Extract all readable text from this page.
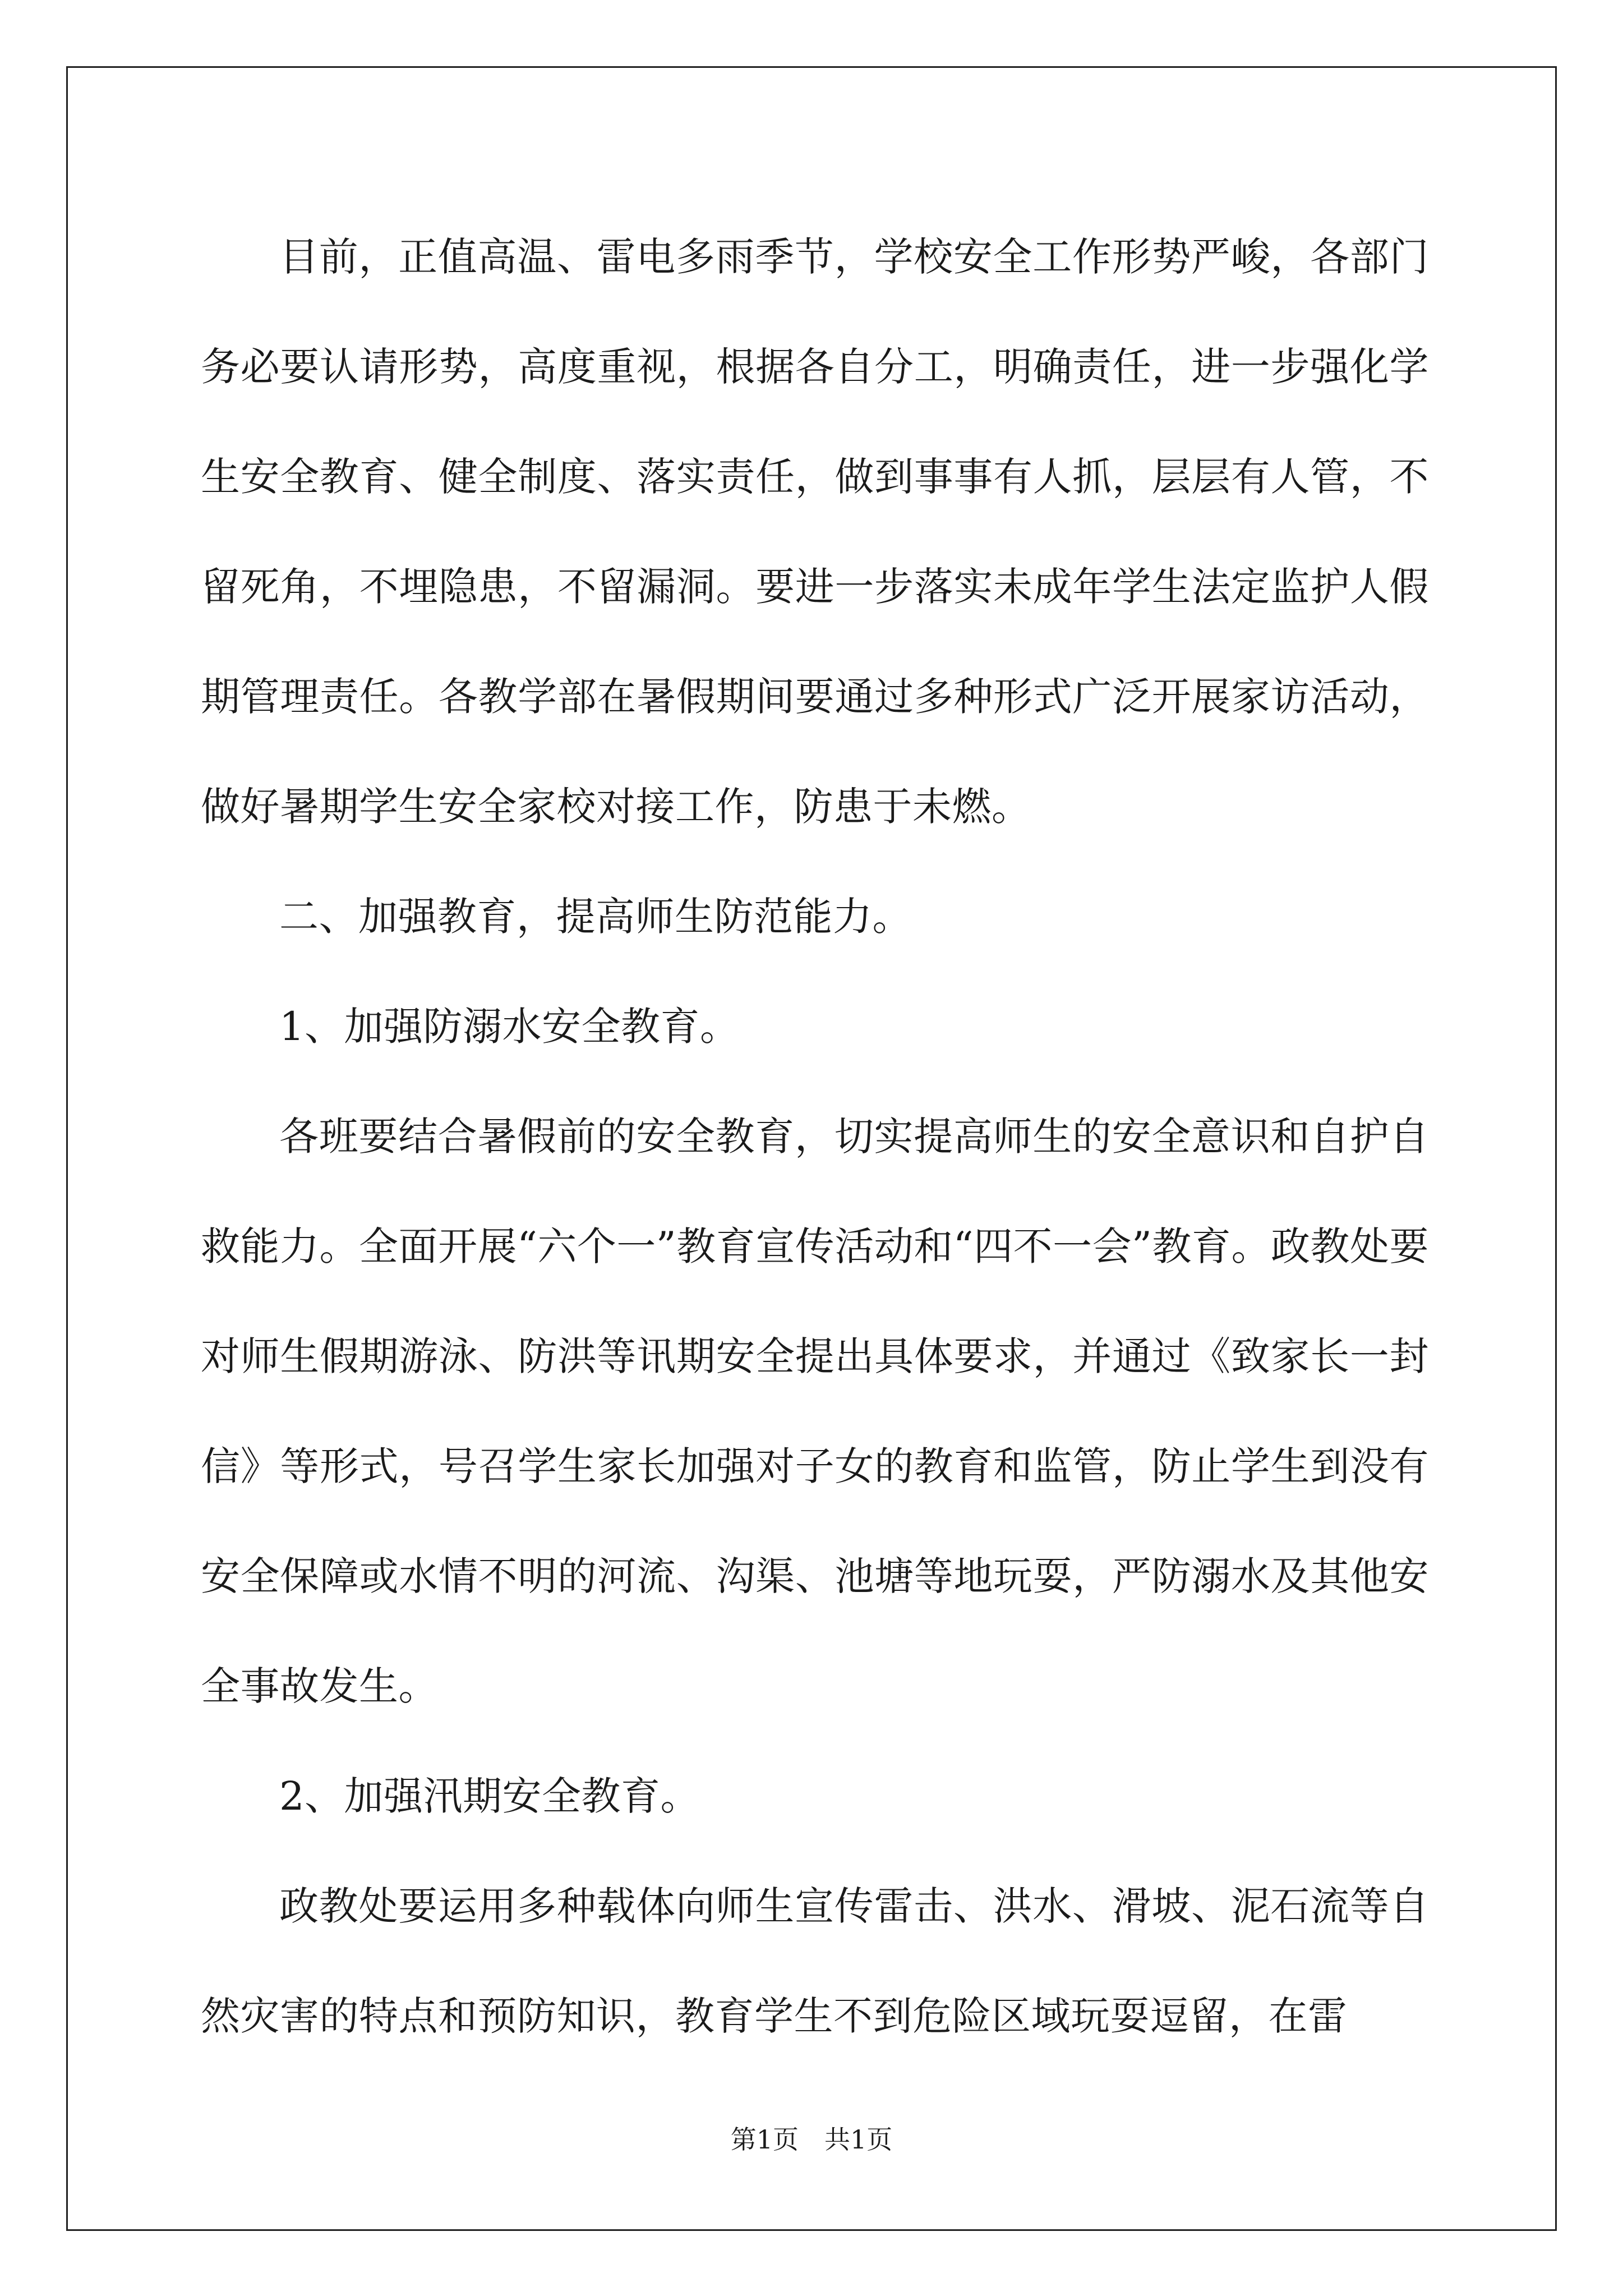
目前，正值高温、雷电多雨季节，学校安全工作形势严峻，各部门务必要认请形势，高度重视，根据各自分工，明确责任，进一步强化学生安全教育、健全制度、落实责任，做到事事有人抓，层层有人管，不留死角，不埋隐患，不留漏洞。要进一步落实未成年学生法定监护人假期管理责任。各教学部在暑假期间要通过多种形式广泛开展家访活动，做好暑期学生安全家校对接工作，防患于未燃。

二、加强教育，提高师生防范能力。

1、加强防溺水安全教育。

各班要结合暑假前的安全教育，切实提高师生的安全意识和自护自救能力。全面开展“六个一”教育宣传活动和“四不一会”教育。政教处要对师生假期游泳、防洪等讯期安全提出具体要求，并通过《致家长一封信》等形式，号召学生家长加强对子女的教育和监管，防止学生到没有安全保障或水情不明的河流、沟渠、池塘等地玩耍，严防溺水及其他安全事故发生。

2、加强汛期安全教育。

政教处要运用多种载体向师生宣传雷击、洪水、滑坡、泥石流等自然灾害的特点和预防知识，教育学生不到危险区域玩耍逗留，在雷

第1页　共1页
